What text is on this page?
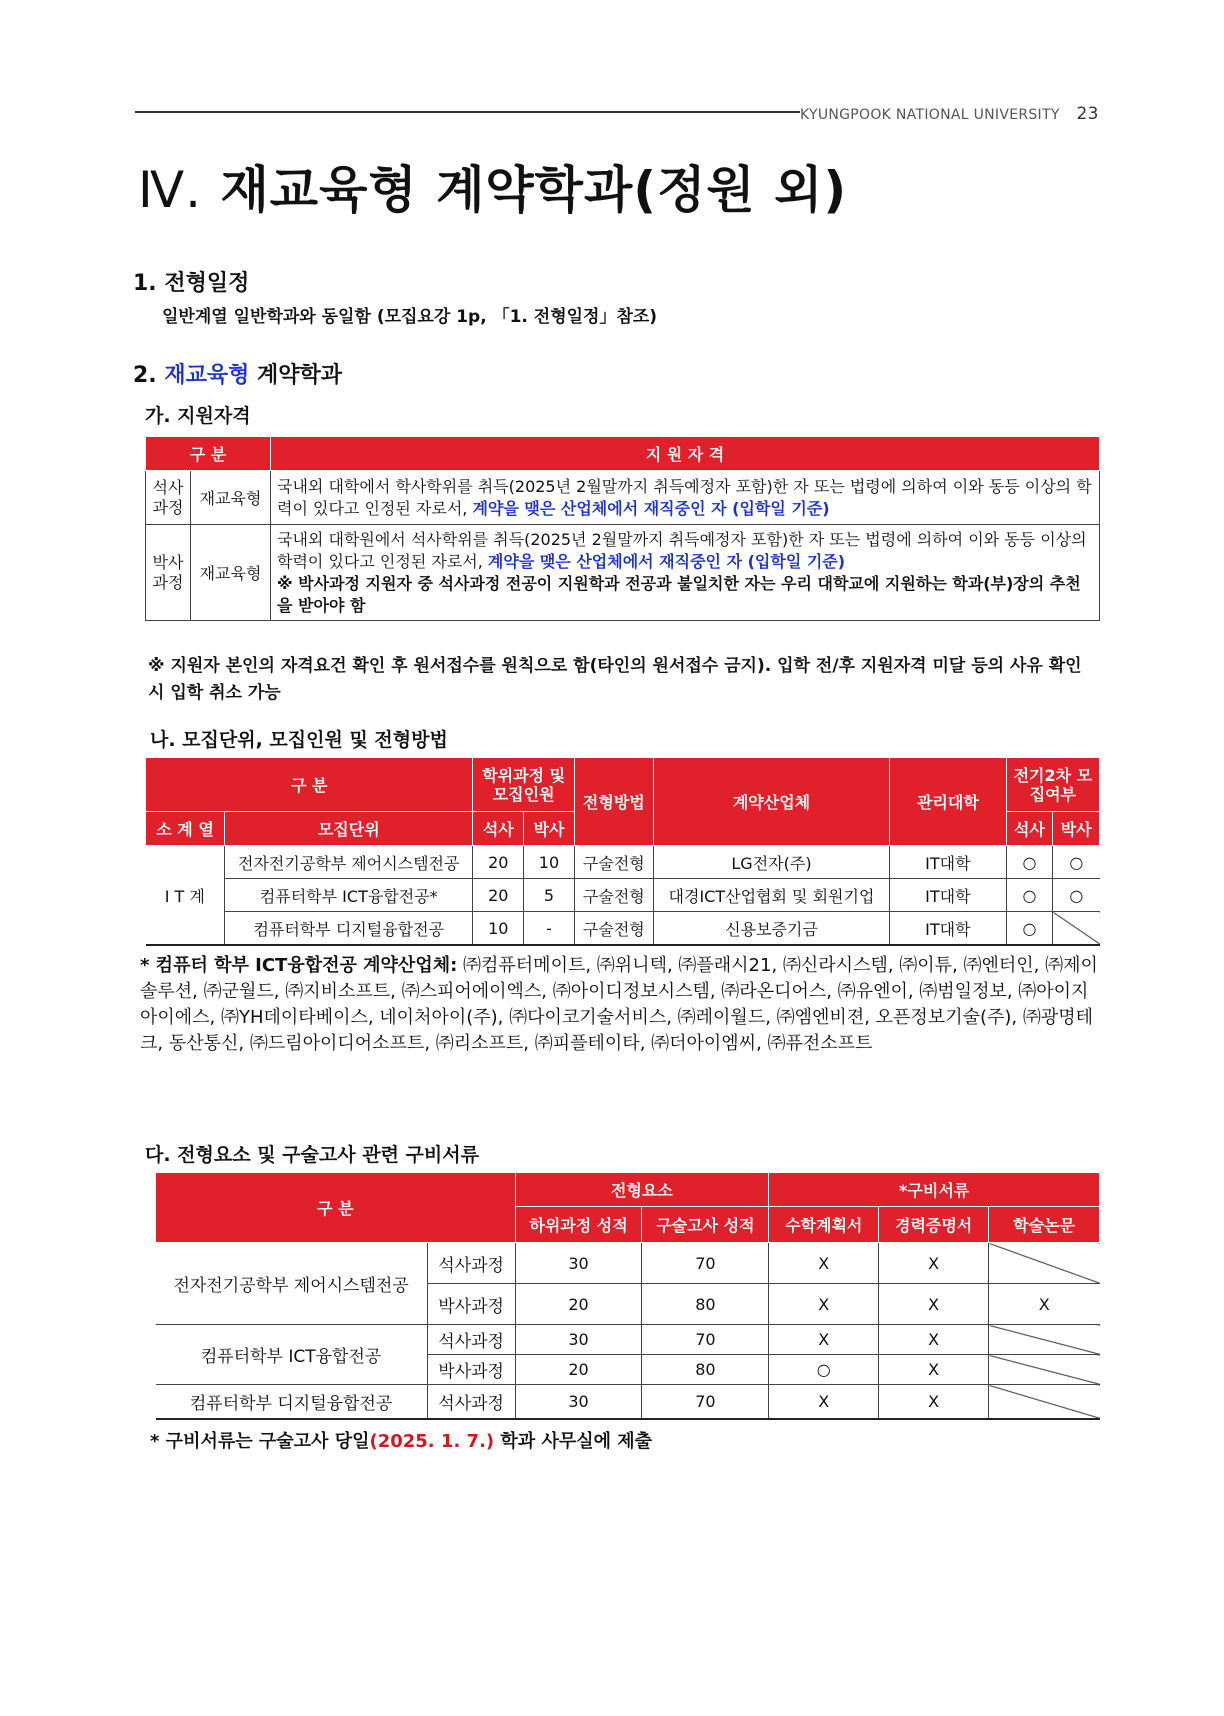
KYUNGPOOK NATIONAL UNIVERSITY 23
Ⅳ. 재교육형 계약학과(정원 외)
1. 전형일정

일반계열 일반학과와 동일함 (모집요강 1p, 「1. 전형일정」참조)

2. 재교육형 계약학과
가. 지원자격
구 분		지 원 자 격
석사과정	재교육형	국내외 대학에서 학사학위를 취득(2025년 2월말까지 취득예정자 포함)한 자 또는 법령에 의하여 이와 동등 이상의 학력이 있다고 인정된 자로서, 계약을 맺은 산업체에서 재직중인 자 (입학일 기준)
박사과정	재교육형	국내외 대학원에서 석사학위를 취득(2025년 2월말까지 취득예정자 포함)한 자 또는 법령에 의하여 이와 동등 이상의 학력이 있다고 인정된 자로서, 계약을 맺은 산업체에서 재직중인 자 (입학일 기준)
※ 박사과정 지원자 중 석사과정 전공이 지원학과 전공과 불일치한 자는 우리 대학교에 지원하는 학과(부)장의 추천을 받아야 함

※ 지원자 본인의 자격요건 확인 후 원서접수를 원칙으로 함(타인의 원서접수 금지). 입학 전/후 지원자격 미달 등의 사유 확인 시 입학 취소 가능

나. 모집단위, 모집인원 및 전형방법
구 분		학위과정 및 모집인원		전형방법	계약산업체	관리대학	전기2차 모집여부	
소 계 열	모집단위	석사	박사				석사	박사
I T 계	전자전기공학부 제어시스템전공	20	10	구술전형	LG전자(주)	IT대학	○	○
	컴퓨터학부 ICT융합전공*	20	5	구술전형	대경ICT산업협회 및 회원기업	IT대학	○	○
	컴퓨터학부 디지털융합전공	10	-	구술전형	신용보증기금	IT대학	○	

* 컴퓨터 학부 ICT융합전공 계약산업체: ㈜컴퓨터메이트, ㈜위니텍, ㈜플래시21, ㈜신라시스템, ㈜이튜, ㈜엔터인, ㈜제이솔루션, ㈜군월드, ㈜지비소프트, ㈜스피어에이엑스, ㈜아이디정보시스템, ㈜라온디어스, ㈜유엔이, ㈜범일정보, ㈜아이지아이에스, ㈜YH데이타베이스, 네이처아이(주), ㈜다이코기술서비스, ㈜레이월드, ㈜엠엔비젼, 오픈정보기술(주), ㈜광명테크, 동산통신, ㈜드림아이디어소프트, ㈜리소프트, ㈜피플테이타, ㈜더아이엠씨, ㈜퓨전소프트

다. 전형요소 및 구술고사 관련 구비서류
구 분		전형요소		*구비서류		
		하위과정 성적	구술고사 성적	수학계획서	경력증명서	학술논문
전자전기공학부 제어시스템전공	석사과정	30	70	X	X	
	박사과정	20	80	X	X	X
컴퓨터학부 ICT융합전공	석사과정	30	70	X	X	
	박사과정	20	80	○	X	
컴퓨터학부 디지털융합전공	석사과정	30	70	X	X	

* 구비서류는 구술고사 당일(2025. 1. 7.) 학과 사무실에 제출
